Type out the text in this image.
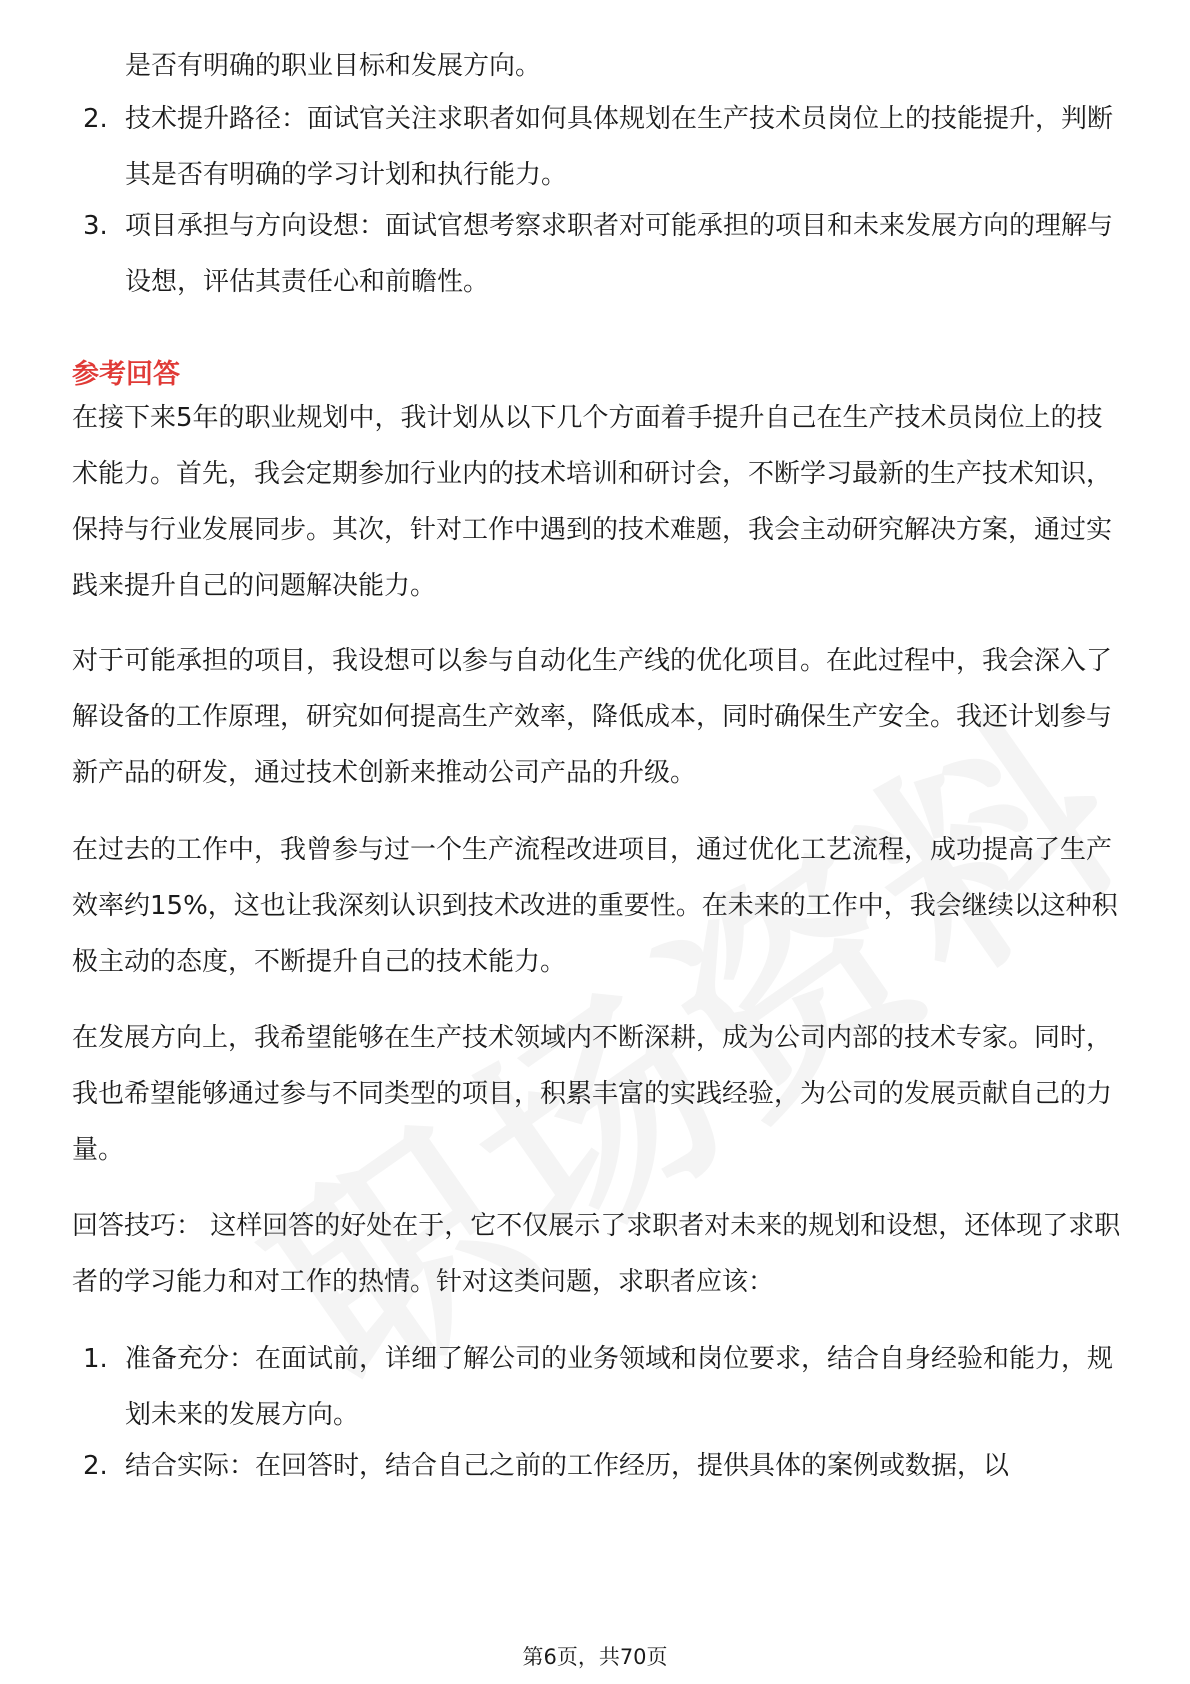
是否有明确的职业目标和发展方向。
2. 技术提升路径：面试官关注求职者如何具体规划在生产技术员岗位上的技能提升，判断其是否有明确的学习计划和执行能力。
3. 项目承担与方向设想：面试官想考察求职者对可能承担的项目和未来发展方向的理解与设想，评估其责任心和前瞻性。
参考回答
在接下来5年的职业规划中，我计划从以下几个方面着手提升自己在生产技术员岗位上的技术能力。首先，我会定期参加行业内的技术培训和研讨会，不断学习最新的生产技术知识，保持与行业发展同步。其次，针对工作中遇到的技术难题，我会主动研究解决方案，通过实践来提升自己的问题解决能力。
对于可能承担的项目，我设想可以参与自动化生产线的优化项目。在此过程中，我会深入了解设备的工作原理，研究如何提高生产效率，降低成本，同时确保生产安全。我还计划参与新产品的研发，通过技术创新来推动公司产品的升级。
在过去的工作中，我曾参与过一个生产流程改进项目，通过优化工艺流程，成功提高了生产效率约15%，这也让我深刻认识到技术改进的重要性。在未来的工作中，我会继续以这种积极主动的态度，不断提升自己的技术能力。
在发展方向上，我希望能够在生产技术领域内不断深耕，成为公司内部的技术专家。同时，我也希望能够通过参与不同类型的项目，积累丰富的实践经验，为公司的发展贡献自己的力量。
回答技巧： 这样回答的好处在于，它不仅展示了求职者对未来的规划和设想，还体现了求职者的学习能力和对工作的热情。针对这类问题，求职者应该：
1. 准备充分：在面试前，详细了解公司的业务领域和岗位要求，结合自身经验和能力，规划未来的发展方向。
2. 结合实际：在回答时，结合自己之前的工作经历，提供具体的案例或数据，以
第6页，共70页
